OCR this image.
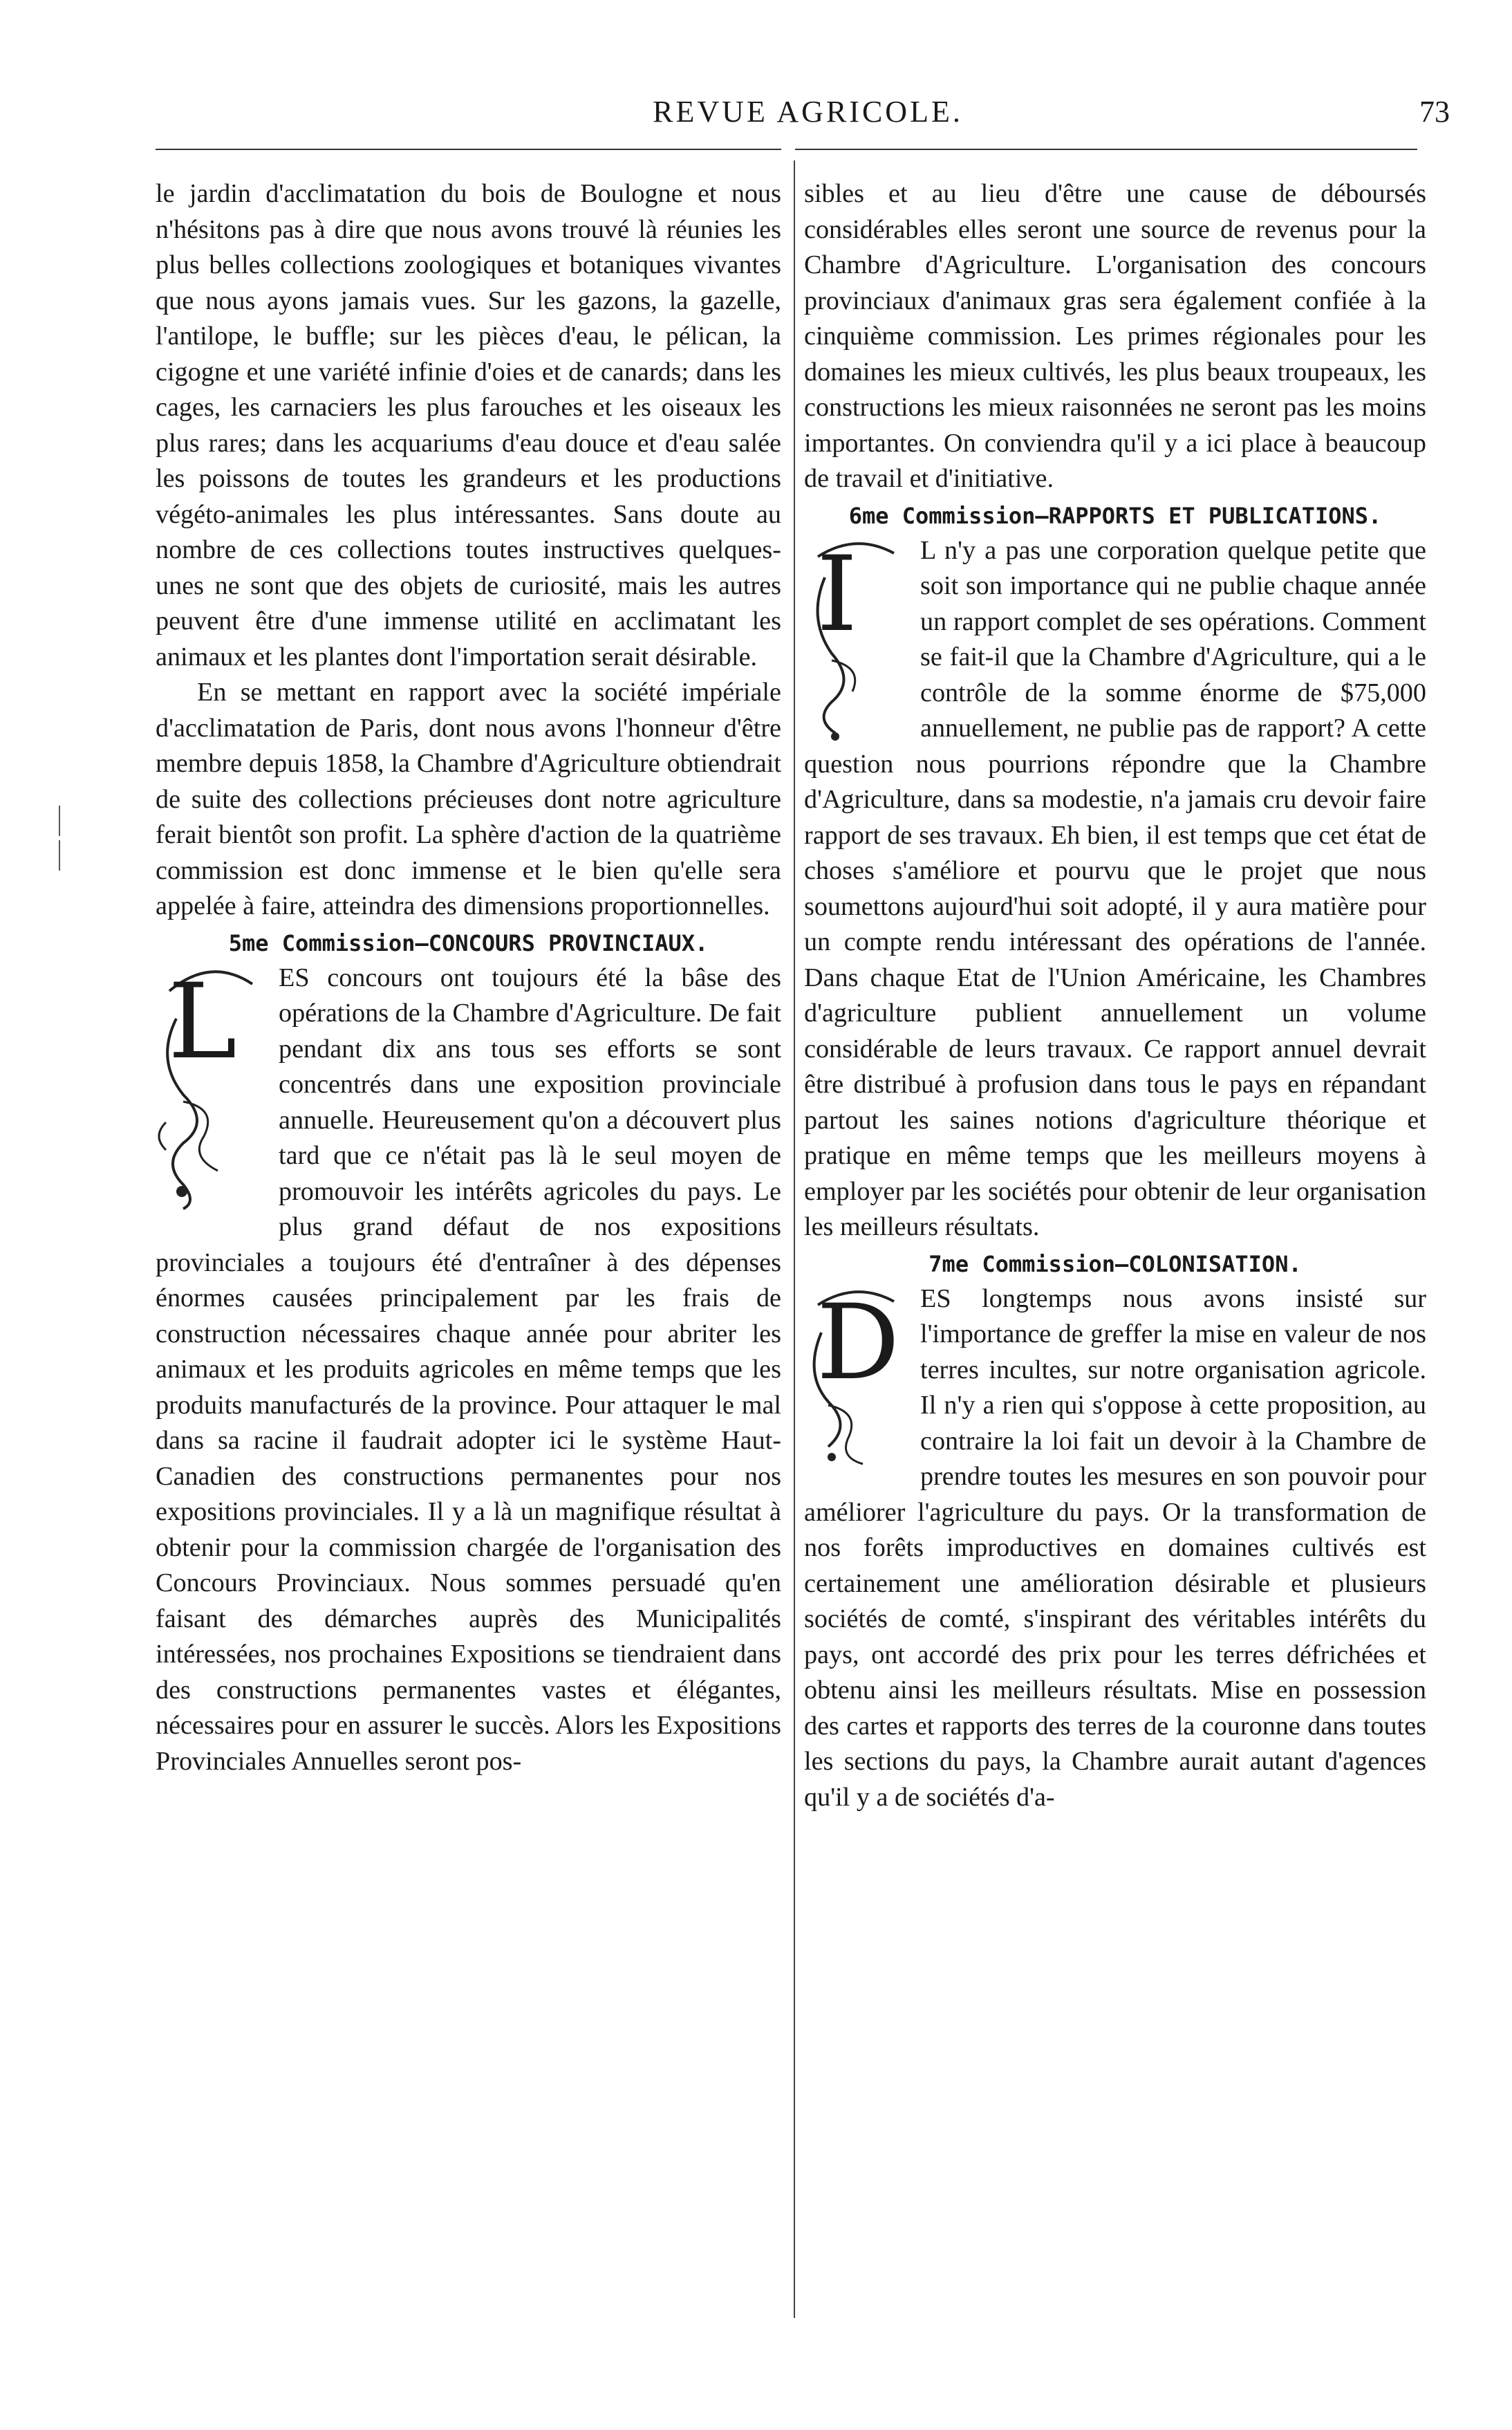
REVUE AGRICOLE.	73

le jardin d'acclimatation du bois de Boulogne et nous n'hésitons pas à dire que nous avons trouvé là réunies les plus belles collections zoologiques et botaniques vivantes que nous ayons jamais vues. Sur les gazons, la gazelle, l'antilope, le buffle; sur les pièces d'eau, le pélican, la cigogne et une variété infinie d'oies et de canards; dans les cages, les carnaciers les plus farouches et les oiseaux les plus rares; dans les acquariums d'eau douce et d'eau salée les poissons de toutes les grandeurs et les productions végéto-animales les plus intéressantes. Sans doute au nombre de ces collections toutes instructives quelques-unes ne sont que des objets de curiosité, mais les autres peuvent être d'une immense utilité en acclimatant les animaux et les plantes dont l'importation serait désirable.

En se mettant en rapport avec la société impériale d'acclimatation de Paris, dont nous avons l'honneur d'être membre depuis 1858, la Chambre d'Agriculture obtiendrait de suite des collections précieuses dont notre agriculture ferait bientôt son profit. La sphère d'action de la quatrième commission est donc immense et le bien qu'elle sera appelée à faire, atteindra des dimensions proportionnelles.

5me Commission—CONCOURS PROVINCIAUX.
L	ES concours ont toujours été la bâse des opérations de la Chambre d'Agriculture. De fait pendant dix ans tous ses efforts se sont concentrés dans une exposition provinciale annuelle. Heureusement qu'on a découvert plus tard que ce n'était pas là le seul moyen de promouvoir les intérêts agricoles du pays. Le plus grand défaut de nos expositions provinciales a toujours été d'entraîner à des dépenses énormes causées principalement par les frais de construction nécessaires chaque année pour abriter les animaux et les produits agricoles en même temps que les produits manufacturés de la province. Pour attaquer le mal dans sa racine il faudrait adopter ici le système Haut-Canadien des constructions permanentes pour nos expositions provinciales. Il y a là un magnifique résultat à obtenir pour la commission chargée de l'organisation des Concours Provinciaux. Nous sommes persuadé qu'en faisant des démarches auprès des Municipalités intéressées, nos prochaines Expositions se tiendraient dans des constructions permanentes vastes et élégantes, nécessaires pour en assurer le succès. Alors les Expositions Provinciales Annuelles seront pos-

sibles et au lieu d'être une cause de déboursés considérables elles seront une source de revenus pour la Chambre d'Agriculture. L'organisation des concours provinciaux d'animaux gras sera également confiée à la cinquième commission. Les primes régionales pour les domaines les mieux cultivés, les plus beaux troupeaux, les constructions les mieux raisonnées ne seront pas les moins importantes. On conviendra qu'il y a ici place à beaucoup de travail et d'initiative.

6me Commission—RAPPORTS ET PUBLICATIONS.
I	L n'y a pas une corporation quelque petite que soit son importance qui ne publie chaque année un rapport complet de ses opérations. Comment se fait-il que la Chambre d'Agriculture, qui a le contrôle de la somme énorme de $75,000 annuellement, ne publie pas de rapport? A cette question nous pourrions répondre que la Chambre d'Agriculture, dans sa modestie, n'a jamais cru devoir faire rapport de ses travaux. Eh bien, il est temps que cet état de choses s'améliore et pourvu que le projet que nous soumettons aujourd'hui soit adopté, il y aura matière pour un compte rendu intéressant des opérations de l'année. Dans chaque Etat de l'Union Américaine, les Chambres d'agriculture publient annuellement un volume considérable de leurs travaux. Ce rapport annuel devrait être distribué à profusion dans tous le pays en répandant partout les saines notions d'agriculture théorique et pratique en même temps que les meilleurs moyens à employer par les sociétés pour obtenir de leur organisation les meilleurs résultats.

7me Commission—COLONISATION.
D ES longtemps nous avons insisté sur l'importance de greffer la mise en valeur de nos terres incultes, sur notre organisation agricole. Il n'y a rien qui s'oppose à cette proposition, au contraire la loi fait un devoir à la Chambre de prendre toutes les mesures en son pouvoir pour améliorer l'agriculture du pays. Or la transformation de nos forêts improductives en domaines cultivés est certainement une amélioration désirable et plusieurs sociétés de comté, s'inspirant des véritables intérêts du pays, ont accordé des prix pour les terres défrichées et obtenu ainsi les meilleurs résultats. Mise en possession des cartes et rapports des terres de la couronne dans toutes les sections du pays, la Chambre aurait autant d'agences qu'il y a de sociétés d'a-
